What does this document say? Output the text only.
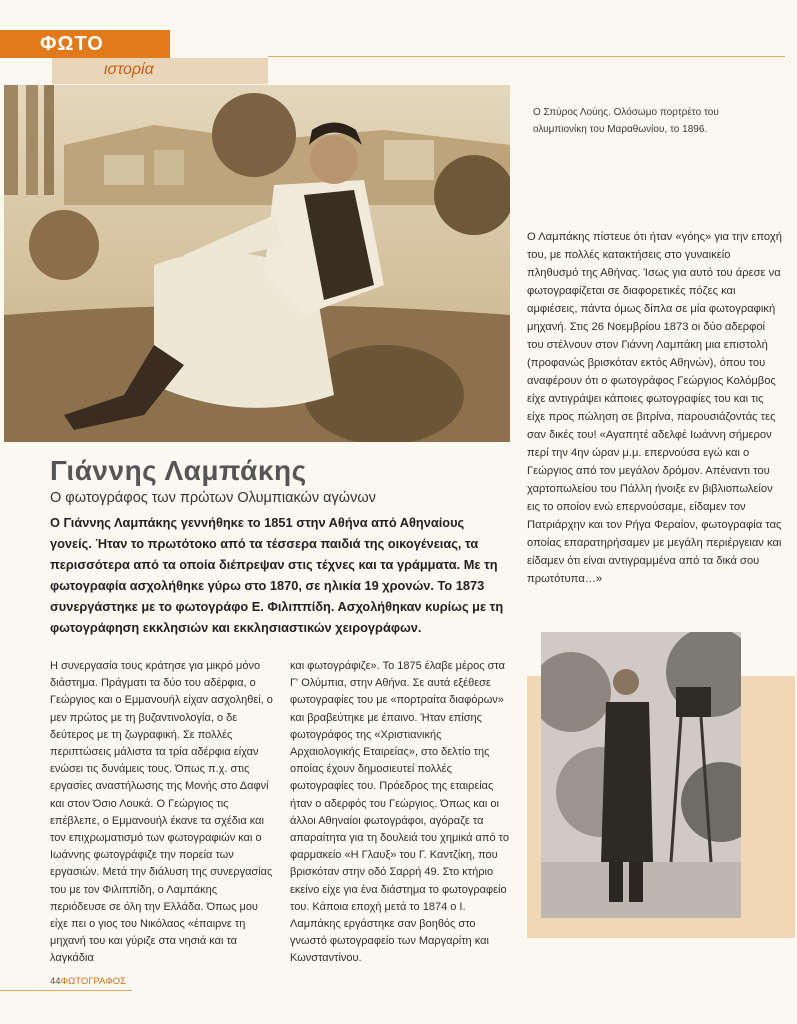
ΦΩΤΟ
ιστορία
Ο Σπύρος Λούης. Ολόσωμο πορτρέτο του ολυμπιονίκη του Μαραθωνίου, το 1896.
Ο Λαμπάκης πίστευε ότι ήταν «γόης» για την εποχή του, με πολλές κατακτήσεις στο γυναικείο πληθυσμό της Αθήνας. Ίσως για αυτό του άρεσε να φωτογραφίζεται σε διαφορετικές πόζες και αμφιέσεις, πάντα όμως δίπλα σε μία φωτογραφική μηχανή. Στις 26 Νοεμβρίου 1873 οι δύο αδερφοί του στέλνουν στον Γιάννη Λαμπάκη μια επιστολή (προφανώς βρισκόταν εκτός Αθηνών), όπου του αναφέρουν ότι ο φωτογράφος Γεώργιος Κολόμβος είχε αντιγράψει κάποιες φωτογραφίες του και τις είχε προς πώληση σε βιτρίνα, παρουσιάζοντάς τες σαν δικές του! «Αγαπητέ αδελφέ Ιωάννη σήμερον περί την 4ην ώραν μ.μ. επερνούσα εγώ και ο Γεώργιος από τον μεγάλον δρόμον. Απέναντι του χαρτοπωλείου του Πάλλη ήνοιξε εν βιβλιοπωλείον εις το οποίον ενώ επερνούσαμε, είδαμεν τον Πατριάρχην και τον Ρήγα Φεραίον, φωτογραφία τας οποίας επαρατηρήσαμεν με μεγάλη περιέργειαν και είδαμεν ότι είναι αντιγραμμένα από τα δικά σου πρωτότυπα…»
Γιάννης Λαμπάκης
Ο φωτογράφος των πρώτων Ολυμπιακών αγώνων

Ο Γιάννης Λαμπάκης γεννήθηκε το 1851 στην Αθήνα από Αθηναίους γονείς. Ήταν το πρωτότοκο από τα τέσσερα παιδιά της οικογένειας, τα περισσότερα από τα οποία διέπρεψαν στις τέχνες και τα γράμματα. Με τη φωτογραφία ασχολήθηκε γύρω στο 1870, σε ηλικία 19 χρονών. Το 1873 συνεργάστηκε με το φωτογράφο Ε. Φιλιππίδη. Ασχολήθηκαν κυρίως με τη φωτογράφηση εκκλησιών και εκκλησιαστικών χειρογράφων.

Η συνεργασία τους κράτησε για μικρό μόνο διάστημα. Πράγματι τα δύο του αδέρφια, ο Γεώργιος και ο Εμμανουήλ είχαν ασχοληθεί, ο μεν πρώτος με τη βυζαντινολογία, ο δε δεύτερος με τη ζωγραφική. Σε πολλές περιπτώσεις μάλιστα τα τρία αδέρφια είχαν ενώσει τις δυνάμεις τους. Όπως π.χ. στις εργασίες αναστήλωσης της Μονής στο Δαφνί και στον Όσιο Λουκά. Ο Γεώργιος τις επέβλεπε, ο Εμμανουήλ έκανε τα σχέδια και τον επιχρωματισμό των φωτογραφιών και ο Ιωάννης φωτογράφιζε την πορεία των εργασιών. Μετά την διάλυση της συνεργασίας του με τον Φιλιππίδη, ο Λαμπάκης περιόδευσε σε όλη την Ελλάδα. Όπως μου είχε πει ο γιος του Νικόλαος «έπαιρνε τη μηχανή του και γύριζε στα νησιά και τα λαγκάδια
και φωτογράφιζε». Το 1875 έλαβε μέρος στα Γ' Ολύμπια, στην Αθήνα. Σε αυτά εξέθεσε φωτογραφίες του με «πορτραίτα διαφόρων» και βραβεύτηκε με έπαινο. Ήταν επίσης φωτογράφος της «Χριστιανικής Αρχαιολογικής Εταιρείας», στο δελτίο της οποίας έχουν δημοσιευτεί πολλές φωτογραφίες του. Πρόεδρος της εταιρείας ήταν ο αδερφός του Γεώργιος. Όπως και οι άλλοι Αθηναίοι φωτογράφοι, αγόραζε τα απαραίτητα για τη δουλειά του χημικά από το φαρμακείο «Η Γλαυξ» του Γ. Καντζίκη, που βρισκόταν στην οδό Σαρρή 49. Στο κτήριο εκείνο είχε για ένα διάστημα το φωτογραφείο του. Κάποια εποχή μετά το 1874 ο Ι. Λαμπάκης εργάστηκε σαν βοηθός στο γνωστό φωτογραφείο των Μαργαρίτη και Κωνσταντίνου.
44ΦΩΤΟΓΡΑΦΟΣ
